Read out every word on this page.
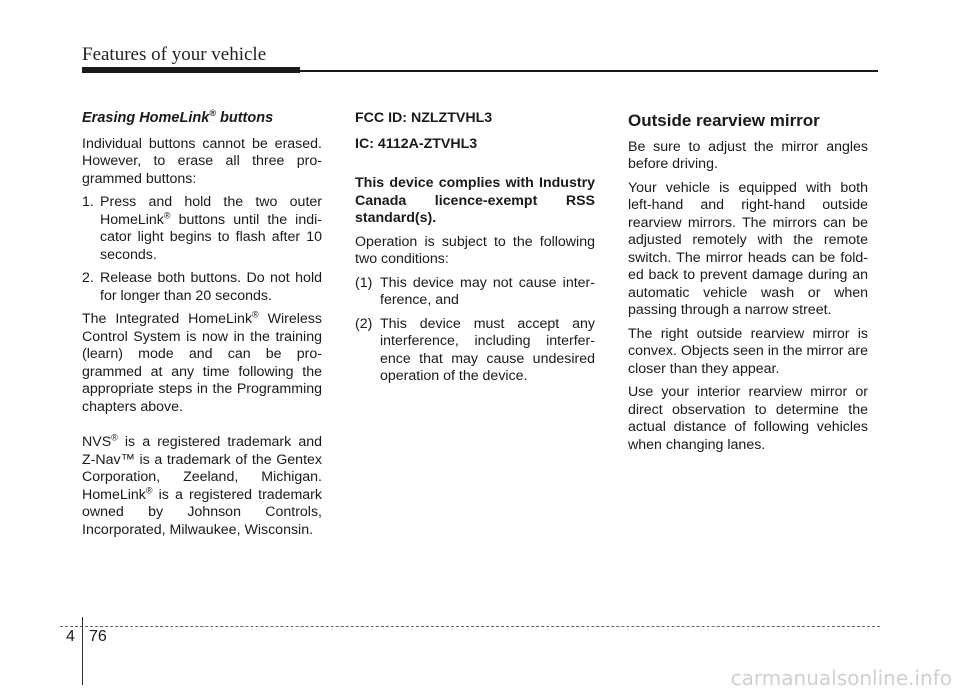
Features of your vehicle

Erasing HomeLink® buttons

Individual buttons cannot be erased. However, to erase all three pro-grammed buttons:

1. Press and hold the two outer HomeLink® buttons until the indi-cator light begins to flash after 10 seconds.
2. Release both buttons. Do not hold for longer than 20 seconds.

The Integrated HomeLink® Wireless Control System is now in the training (learn) mode and can be pro-grammed at any time following the appropriate steps in the Programming chapters above.

NVS® is a registered trademark and Z-Nav™ is a trademark of the Gentex Corporation, Zeeland, Michigan. HomeLink® is a registered trademark owned by Johnson Controls, Incorporated, Milwaukee, Wisconsin.

FCC ID: NZLZTVHL3

IC: 4112A-ZTVHL3

This device complies with Industry Canada licence-exempt RSS standard(s).

Operation is subject to the following two conditions:

(1) This device may not cause inter-ference, and
(2) This device must accept any interference, including interfer-ence that may cause undesired operation of the device.

Outside rearview mirror

Be sure to adjust the mirror angles before driving.

Your vehicle is equipped with both left-hand and right-hand outside rearview mirrors. The mirrors can be adjusted remotely with the remote switch. The mirror heads can be fold-ed back to prevent damage during an automatic vehicle wash or when passing through a narrow street.

The right outside rearview mirror is convex. Objects seen in the mirror are closer than they appear.

Use your interior rearview mirror or direct observation to determine the actual distance of following vehicles when changing lanes.

4 76
carmanualsonline.info
